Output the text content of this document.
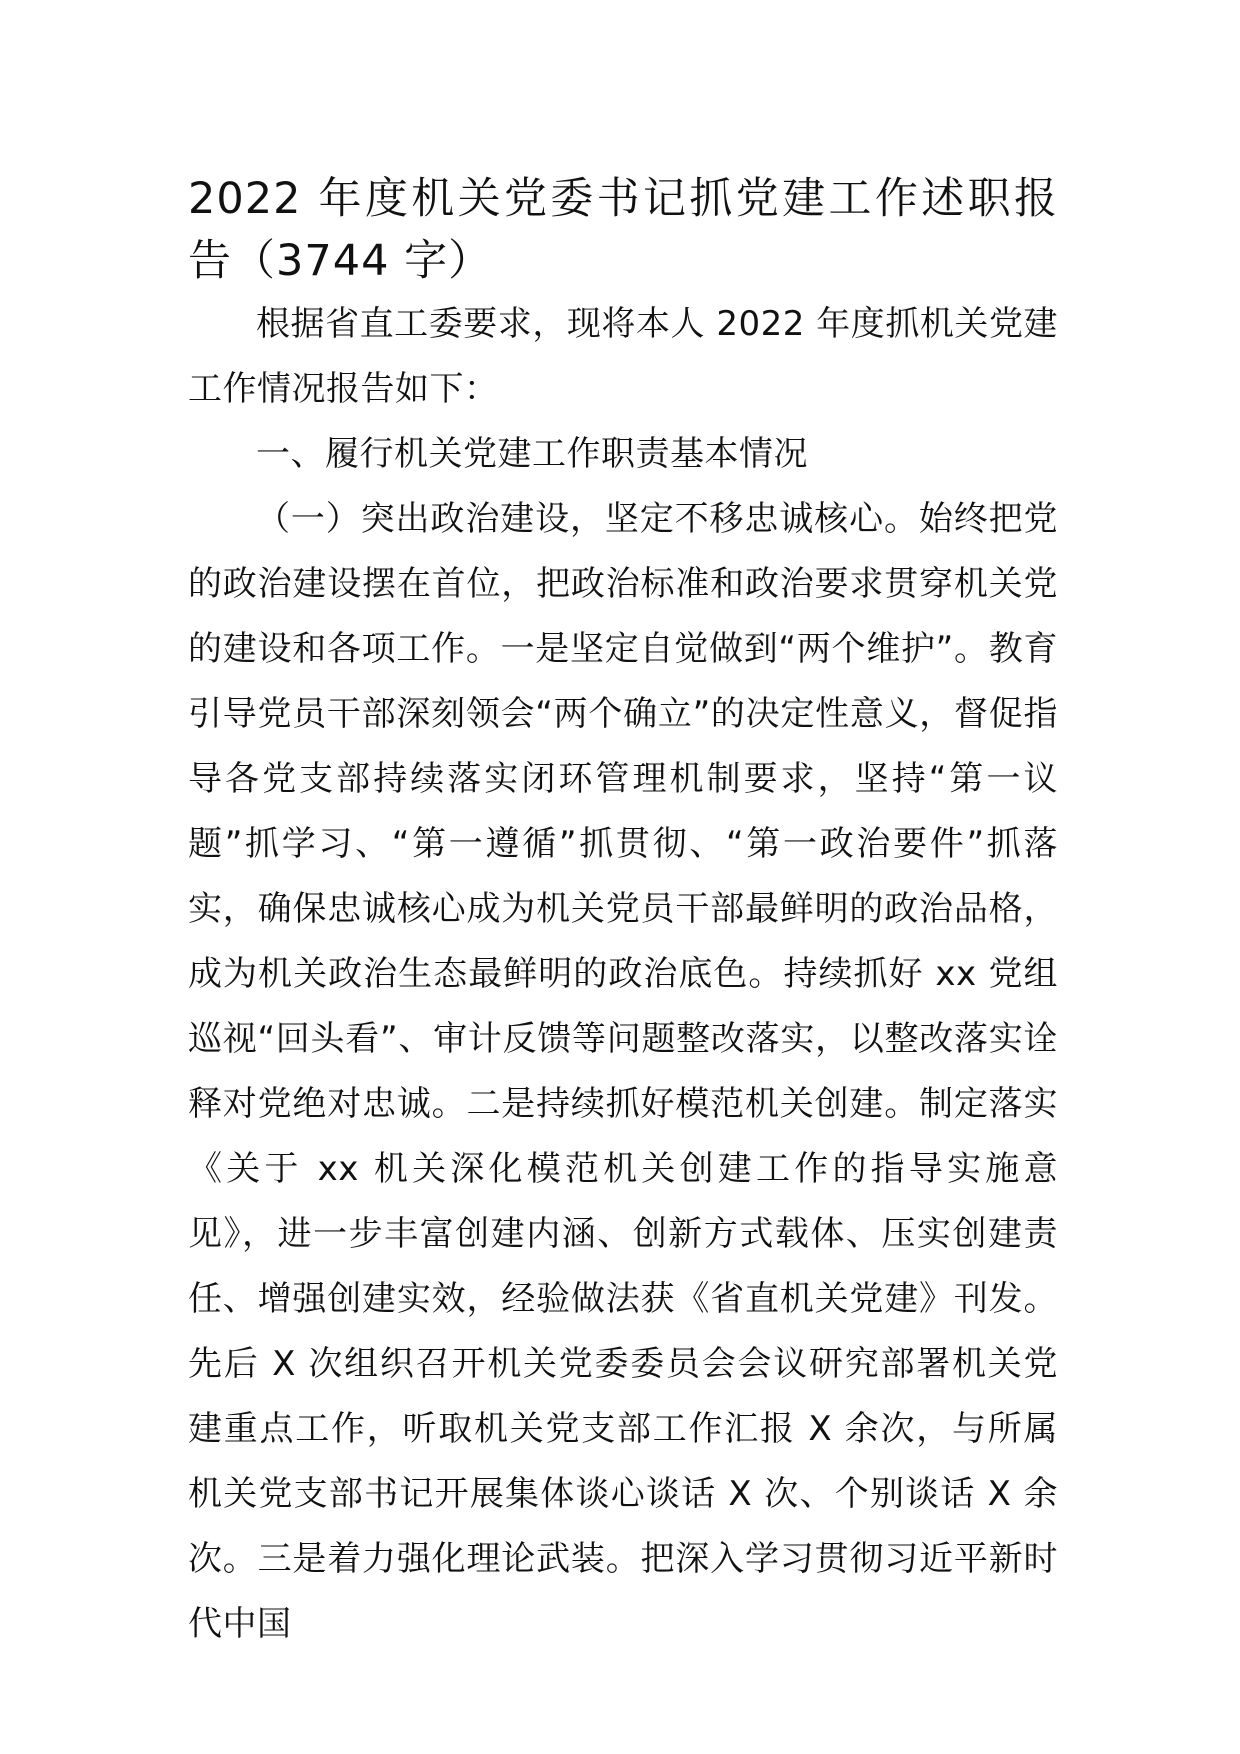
2022 年度机关党委书记抓党建工作述职报告（3744 字）

根据省直工委要求，现将本人 2022 年度抓机关党建工作情况报告如下：

一、履行机关党建工作职责基本情况

（一）突出政治建设，坚定不移忠诚核心。始终把党的政治建设摆在首位，把政治标准和政治要求贯穿机关党的建设和各项工作。一是坚定自觉做到“两个维护”。教育引导党员干部深刻领会“两个确立”的决定性意义，督促指导各党支部持续落实闭环管理机制要求，坚持“第一议题”抓学习、“第一遵循”抓贯彻、“第一政治要件”抓落实，确保忠诚核心成为机关党员干部最鲜明的政治品格，成为机关政治生态最鲜明的政治底色。持续抓好 xx 党组巡视“回头看”、审计反馈等问题整改落实，以整改落实诠释对党绝对忠诚。二是持续抓好模范机关创建。制定落实《关于 xx 机关深化模范机关创建工作的指导实施意见》，进一步丰富创建内涵、创新方式载体、压实创建责任、增强创建实效，经验做法获《省直机关党建》刊发。先后 X 次组织召开机关党委委员会会议研究部署机关党建重点工作，听取机关党支部工作汇报 X 余次，与所属机关党支部书记开展集体谈心谈话 X 次、个别谈话 X 余次。三是着力强化理论武装。把深入学习贯彻习近平新时代中国
